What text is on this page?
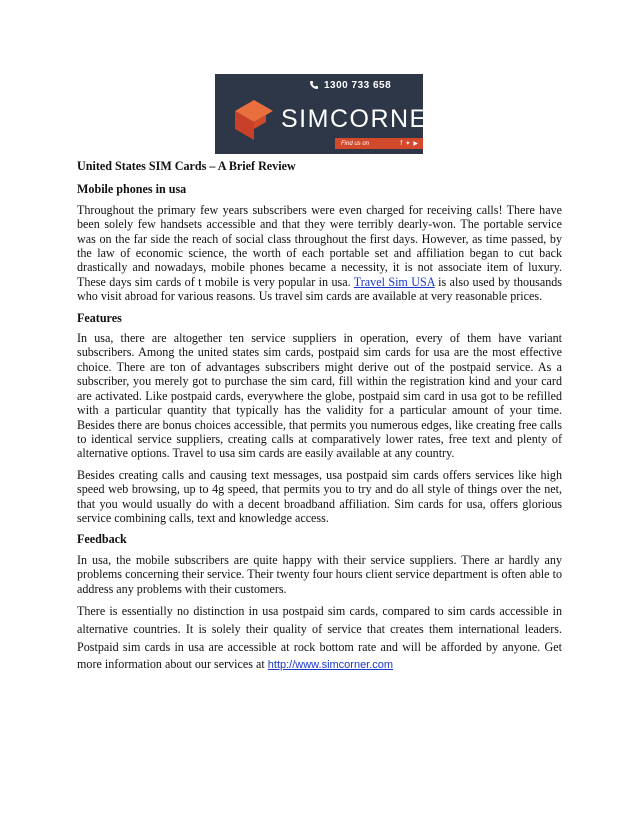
1300 733 658
SIMCORNER
Find us on	f ✦ ▶
United States SIM Cards – A Brief Review
Mobile phones in usa

Throughout the primary few years subscribers were even charged for receiving calls! There have been solely few handsets accessible and that they were terribly dearly-won. The portable service was on the far side the reach of social class throughout the first days. However, as time passed, by the law of economic science, the worth of each portable set and affiliation began to cut back drastically and nowadays, mobile phones became a necessity, it is not associate item of luxury. These days sim cards of t mobile is very popular in usa. Travel Sim USA is also used by thousands who visit abroad for various reasons. Us travel sim cards are available at very reasonable prices.

Features

In usa, there are altogether ten service suppliers in operation, every of them have variant subscribers. Among the united states sim cards, postpaid sim cards for usa are the most effective choice. There are ton of advantages subscribers might derive out of the postpaid service. As a subscriber, you merely got to purchase the sim card, fill within the registration kind and your card are activated. Like postpaid cards, everywhere the globe, postpaid sim card in usa got to be refilled with a particular quantity that typically has the validity for a particular amount of your time. Besides there are bonus choices accessible, that permits you numerous edges, like creating free calls to identical service suppliers, creating calls at comparatively lower rates, free text and plenty of alternative options. Travel to usa sim cards are easily available at any country.

Besides creating calls and causing text messages, usa postpaid sim cards offers services like high speed web browsing, up to 4g speed, that permits you to try and do all style of things over the net, that you would usually do with a decent broadband affiliation. Sim cards for usa, offers glorious service combining calls, text and knowledge access.

Feedback

In usa, the mobile subscribers are quite happy with their service suppliers. There ar hardly any problems concerning their service. Their twenty four hours client service department is often able to address any problems with their customers.

There is essentially no distinction in usa postpaid sim cards, compared to sim cards accessible in alternative countries. It is solely their quality of service that creates them international leaders. Postpaid sim cards in usa are accessible at rock bottom rate and will be afforded by anyone. Get more information about our services at http://www.simcorner.com
